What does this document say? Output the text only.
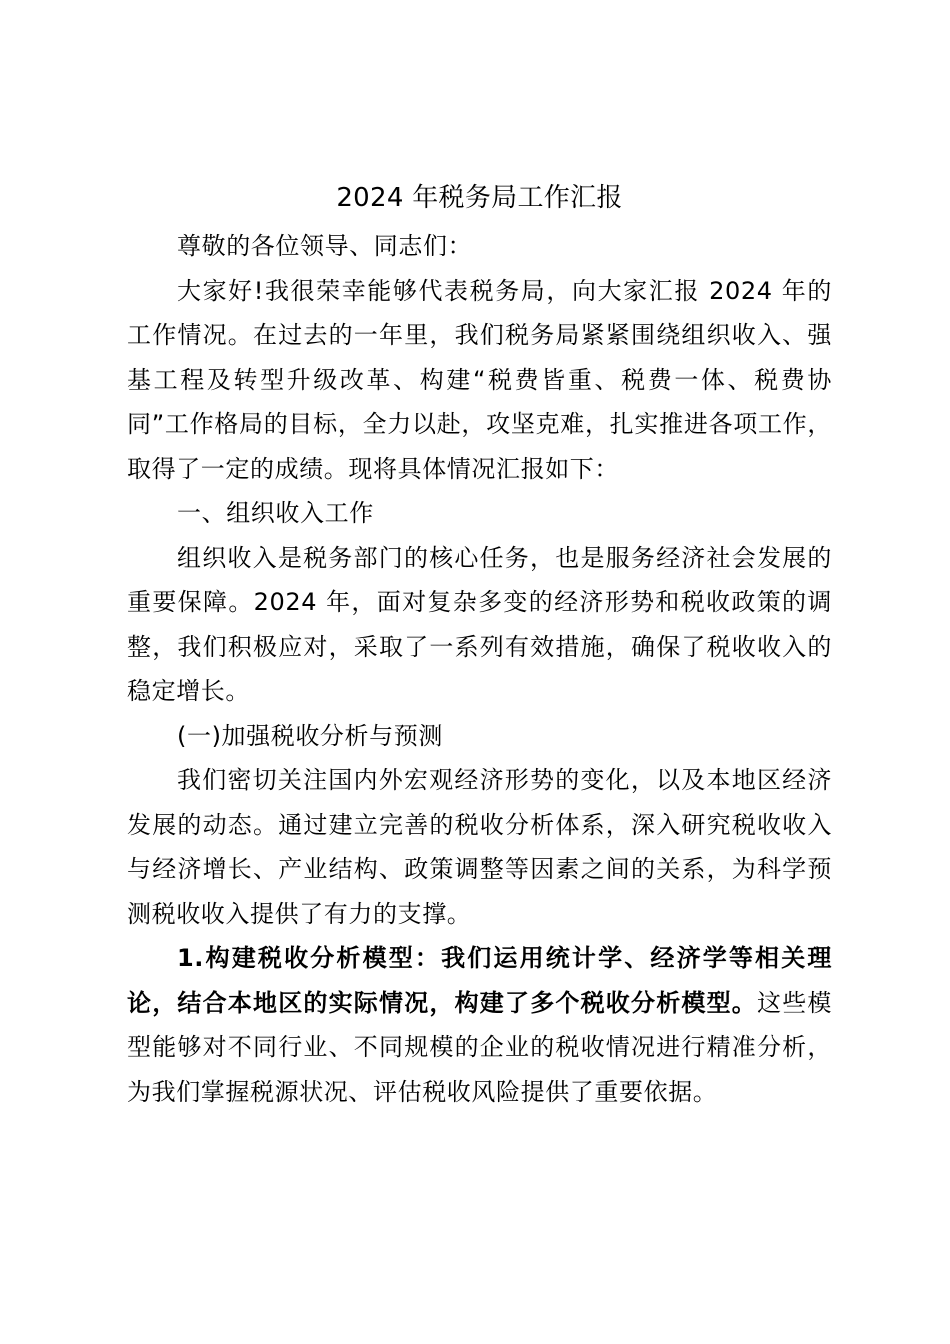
2024 年税务局工作汇报

尊敬的各位领导、同志们：

大家好!我很荣幸能够代表税务局，向大家汇报 2024 年的工作情况。在过去的一年里，我们税务局紧紧围绕组织收入、强基工程及转型升级改革、构建“税费皆重、税费一体、税费协同”工作格局的目标，全力以赴，攻坚克难，扎实推进各项工作，取得了一定的成绩。现将具体情况汇报如下：

一、组织收入工作

组织收入是税务部门的核心任务，也是服务经济社会发展的重要保障。2024 年，面对复杂多变的经济形势和税收政策的调整，我们积极应对，采取了一系列有效措施，确保了税收收入的稳定增长。

(一)加强税收分析与预测

我们密切关注国内外宏观经济形势的变化，以及本地区经济发展的动态。通过建立完善的税收分析体系，深入研究税收收入与经济增长、产业结构、政策调整等因素之间的关系，为科学预测税收收入提供了有力的支撑。

1.构建税收分析模型：我们运用统计学、经济学等相关理论，结合本地区的实际情况，构建了多个税收分析模型。这些模型能够对不同行业、不同规模的企业的税收情况进行精准分析，为我们掌握税源状况、评估税收风险提供了重要依据。
